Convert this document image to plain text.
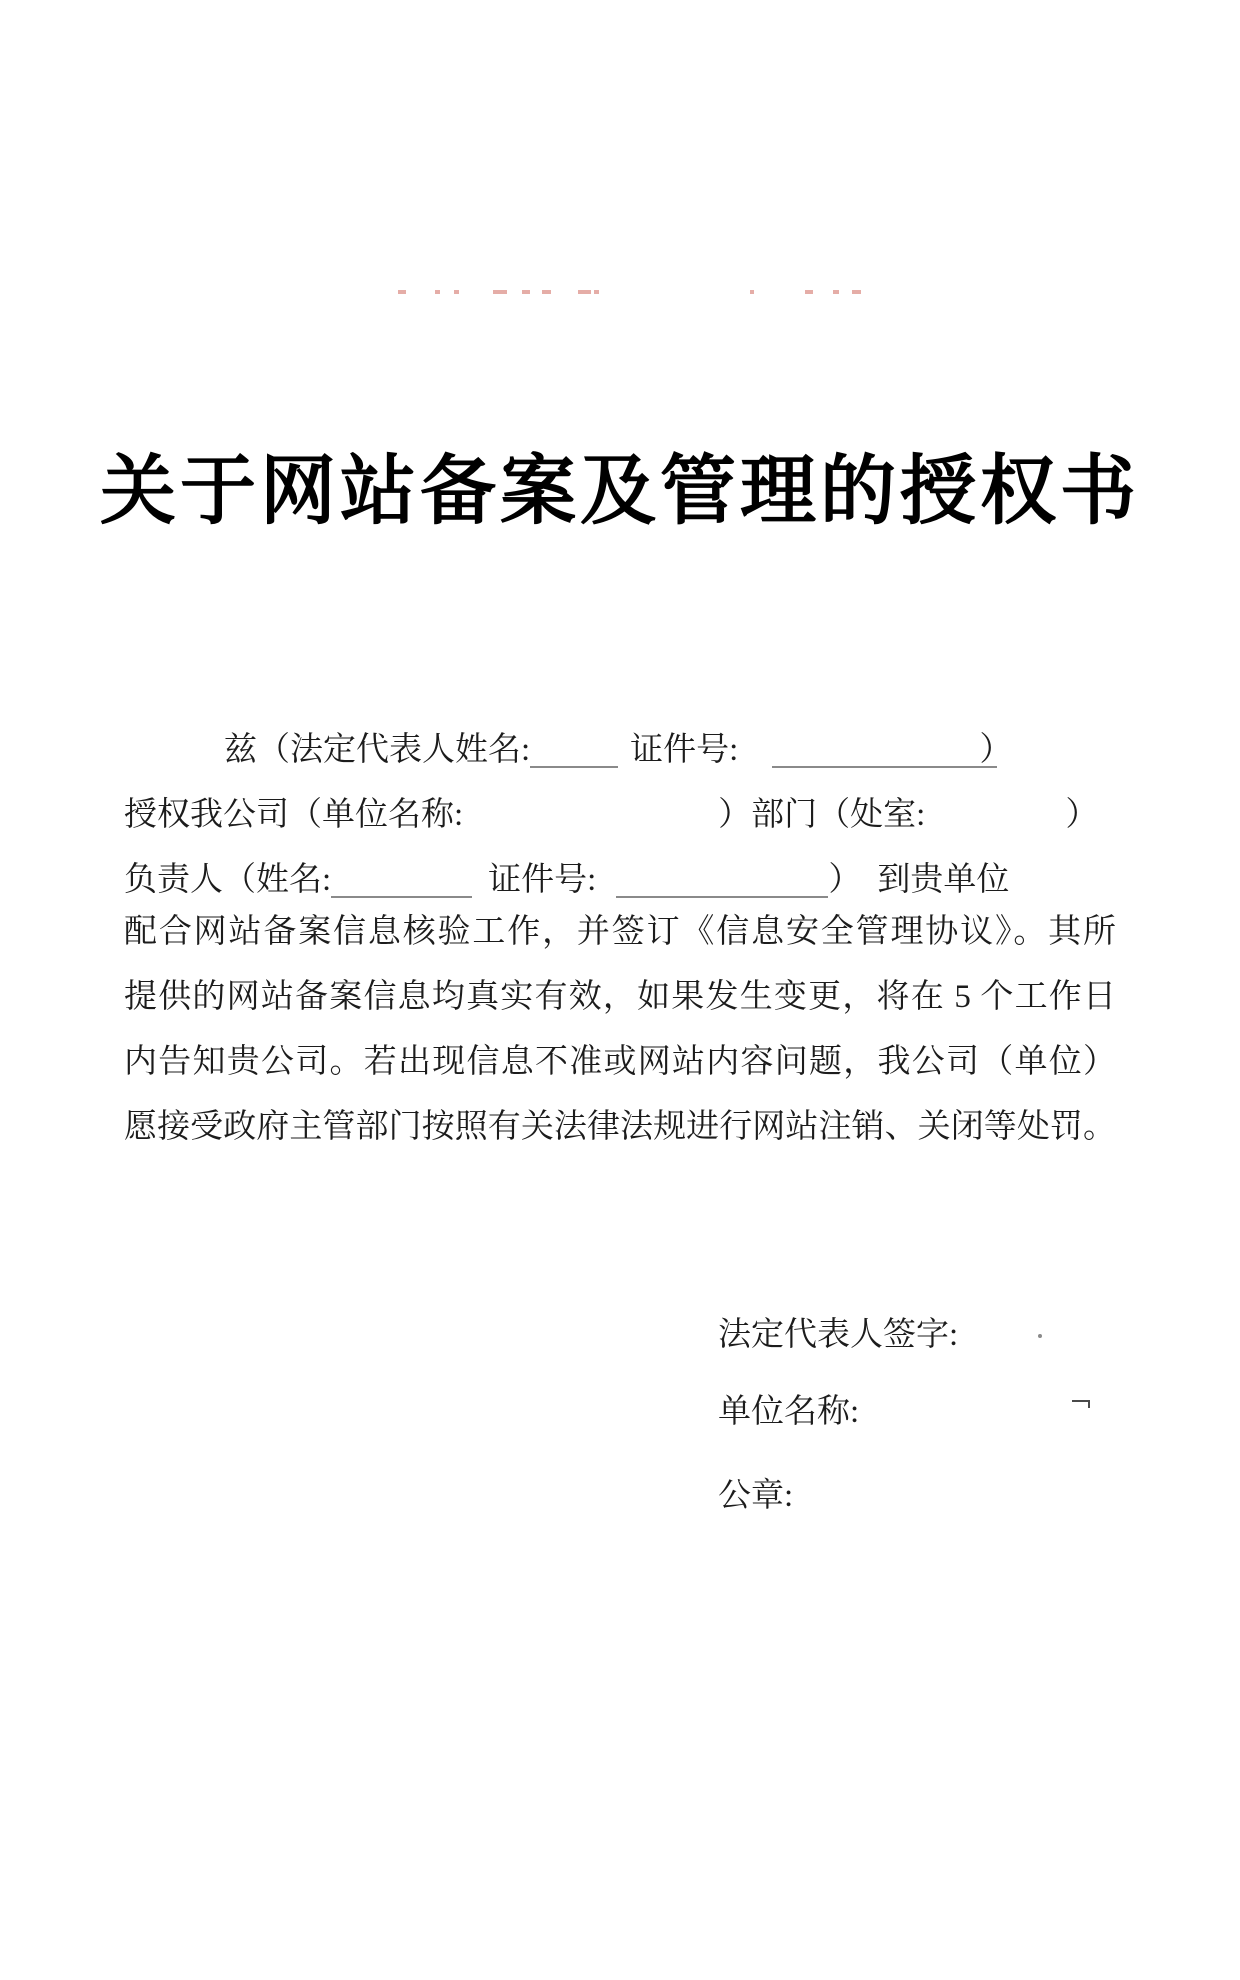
关于网站备案及管理的授权书
兹（法定代表人姓名:	证件号:	）
授权我公司（单位名称:	）部门（处室:	）
负责人（姓名:	证件号:	） 到贵单位
配合网站备案信息核验工作，并签订《信息安全管理协议》。其所
提供的网站备案信息均真实有效，如果发生变更，将在 5 个工作日
内告知贵公司。若出现信息不准或网站内容问题，我公司（单位）
愿接受政府主管部门按照有关法律法规进行网站注销、关闭等处罚。
法定代表人签字:
单位名称:
公章:
